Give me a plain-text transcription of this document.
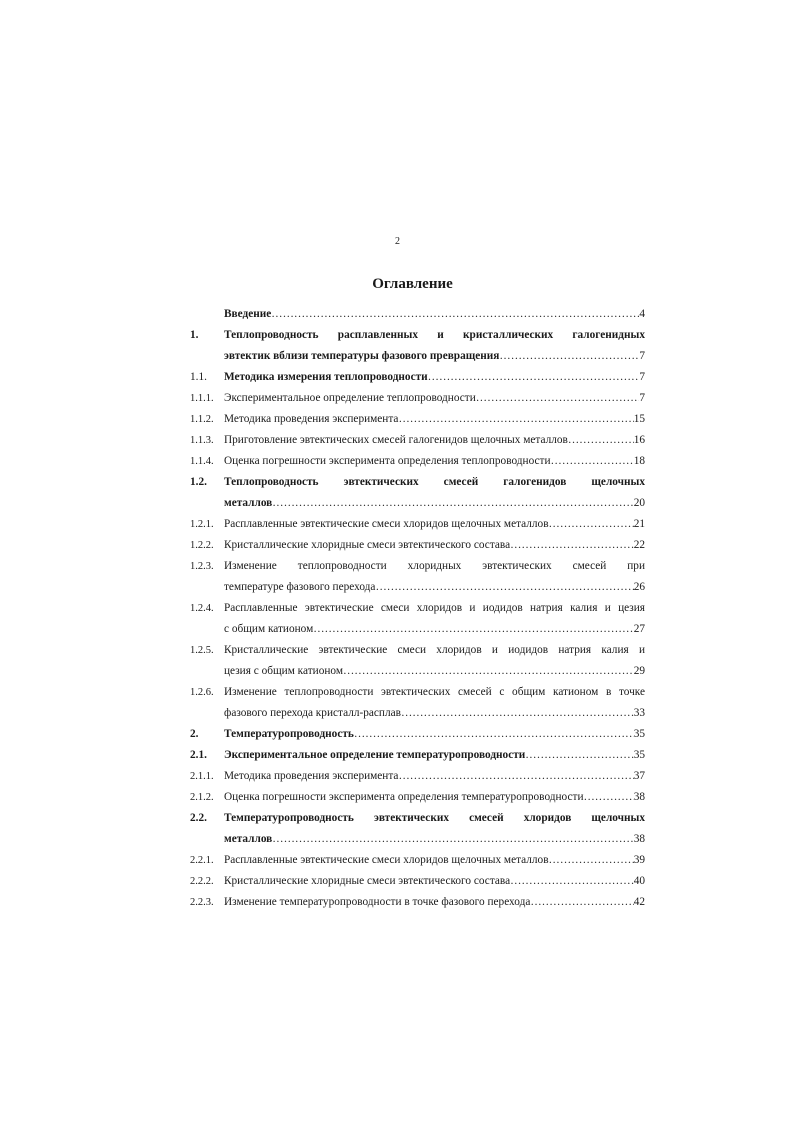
2
Оглавление
Введение ……………………………………………………………………………………………………………………………………	4
1. Теплопроводность расплавленных и кристаллических галогенидных
эвтектик вблизи температуры фазового превращения ……………………………………………………………………………………………………………………………………	7
1.1. Методика измерения теплопроводности ……………………………………………………………………………………………………………………………………	7
1.1.1. Экспериментальное определение теплопроводности ……………………………………………………………………………………………………………………………………	7
1.1.2. Методика проведения эксперимента ……………………………………………………………………………………………………………………………………	15
1.1.3. Приготовление эвтектических смесей галогенидов щелочных металлов ……………………………………………………………………………………………………………………………………	16
1.1.4. Оценка погрешности эксперимента определения теплопроводности ……………………………………………………………………………………………………………………………………	18
1.2. Теплопроводность эвтектических смесей галогенидов щелочных
металлов ……………………………………………………………………………………………………………………………………	20
1.2.1. Расплавленные эвтектические смеси хлоридов щелочных металлов ……………………………………………………………………………………………………………………………………	21
1.2.2. Кристаллические хлоридные смеси эвтектического состава ……………………………………………………………………………………………………………………………………	22
1.2.3. Изменение теплопроводности хлоридных эвтектических смесей при
температуре фазового перехода ……………………………………………………………………………………………………………………………………	26
1.2.4. Расплавленные эвтектические смеси хлоридов и иодидов натрия калия и цезия
с общим катионом ……………………………………………………………………………………………………………………………………	27
1.2.5. Кристаллические эвтектические смеси хлоридов и иодидов натрия калия и
цезия с общим катионом ……………………………………………………………………………………………………………………………………	29
1.2.6. Изменение теплопроводности эвтектических смесей с общим катионом в точке
фазового перехода кристалл-расплав ……………………………………………………………………………………………………………………………………	33
2. Температуропроводность ……………………………………………………………………………………………………………………………………	35
2.1. Экспериментальное определение температуропроводности ……………………………………………………………………………………………………………………………………	35
2.1.1. Методика проведения эксперимента ……………………………………………………………………………………………………………………………………	37
2.1.2. Оценка погрешности эксперимента определения температуропроводности ……………………………………………………………………………………………………………………………………	38
2.2. Температуропроводность эвтектических смесей хлоридов щелочных
металлов ……………………………………………………………………………………………………………………………………	38
2.2.1. Расплавленные эвтектические смеси хлоридов щелочных металлов ……………………………………………………………………………………………………………………………………	39
2.2.2. Кристаллические хлоридные смеси эвтектического состава ……………………………………………………………………………………………………………………………………	40
2.2.3. Изменение температуропроводности в точке фазового перехода ……………………………………………………………………………………………………………………………………	42
